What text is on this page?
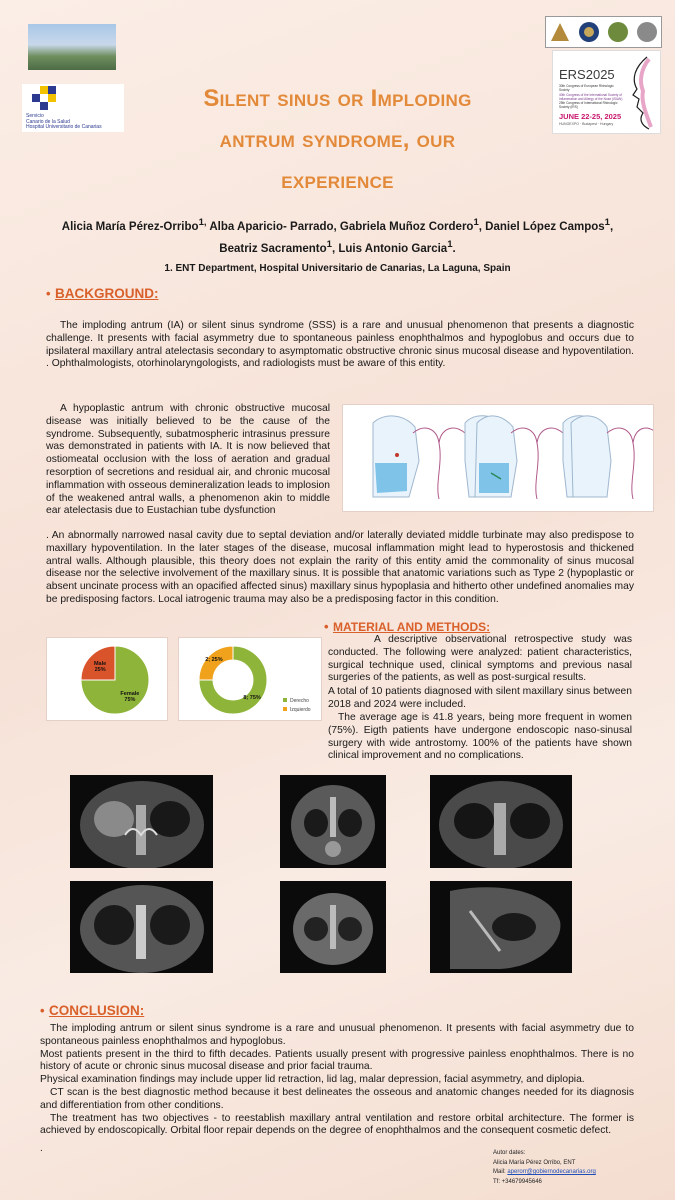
Servicio
Canario de la Salud
Hospital Universitario de Canarias
ERS2025
30th Congress of European Rhinologic Society
40th Congress of the International Society of Inflammation and Allergy of the Nose (ISIAN)
25th Congress of International Rhinologic Society (IRS)
JUNE 22-25, 2025
HUNGEXPO · Budapest · Hungary
Silent sinus or Imploding
antrum syndrome, our
experience
Alicia María Pérez-Orribo$^{1,}$ Alba Aparicio- Parrado, Gabriela Muñoz Cordero$^1$, Daniel López Campos$^1$, Beatriz Sacramento$^1$, Luis Antonio Garcia$^1$.
1. ENT Department, Hospital Universitario de Canarias, La Laguna, Spain
• BACKGROUND:
The imploding antrum (IA) or silent sinus syndrome (SSS) is a rare and unusual phenomenon that presents a diagnostic challenge. It presents with facial asymmetry due to spontaneous painless enophthalmos and hypoglobus and occurs due to ipsilateral maxillary antral atelectasis secondary to asymptomatic obstructive chronic sinus mucosal disease and hypoventilation. . Ophthalmologists, otorhinolaryngologists, and radiologists must be aware of this entity.
A hypoplastic antrum with chronic obstructive mucosal disease was initially believed to be the cause of the syndrome. Subsequently, subatmospheric intrasinus pressure was demonstrated in patients with IA. It is now believed that ostiomeatal occlusion with the loss of aeration and gradual resorption of secretions and residual air, and chronic mucosal inflammation with osseous demineralization leads to implosion of the weakened antral walls, a phenomenon akin to middle ear atelectasis due to Eustachian tube dysfunction
. An abnormally narrowed nasal cavity due to septal deviation and/or laterally deviated middle turbinate may also predispose to maxillary hypoventilation. In the later stages of the disease, mucosal inflammation might lead to hyperostosis and thickened antral walls. Although plausible, this theory does not explain the rarity of this entity amid the commonality of sinus mucosal disease nor the selective involvement of the maxillary sinus. It is possible that anatomic variations such as Type 2 (hypoplastic or absent uncinate process with an opacified affected sinus) maxillary sinus hypoplasia and hitherto other undefined anomalies may be predisposing factors. Local iatrogenic trauma may also be a predisposing factor in this condition.
Male 25%
Female 75%	8; 75%
2; 25%
Derecho
Izquierdo
• MATERIAL AND METHODS:
A descriptive observational retrospective study was conducted. The following were analyzed: patient characteristics, surgical technique used, clinical symptoms and previous nasal surgeries of the patients, as well as post-surgical results.
A total of 10 patients diagnosed with silent maxillary sinus between 2018 and 2024 were included.
The average age is 41.8 years, being more frequent in women (75%). Eigth patients have undergone endoscopic naso-sinusal surgery with wide antrostomy. 100% of the patients have shown clinical improvement and no complications.
• CONCLUSION:
The imploding antrum or silent sinus syndrome is a rare and unusual phenomenon. It presents with facial asymmetry due to spontaneous painless enophthalmos and hypoglobus.
Most patients present in the third to fifth decades. Patients usually present with progressive painless enophthalmos. There is no history of acute or chronic sinus mucosal disease and prior facial trauma.
Physical examination findings may include upper lid retraction, lid lag, malar depression, facial asymmetry, and diplopia.
CT scan is the best diagnostic method because it best delineates the osseous and anatomic changes needed for its diagnosis and differentiation from other conditions.
The treatment has two objectives - to reestablish maxillary antral ventilation and restore orbital architecture. The former is achieved by endoscopically. Orbital floor repair depends on the degree of enophthalmos and the consequent cosmetic defect.
.	Autor dates:
Alicia María Pérez Orribo, ENT
Mail: aperorr@gobiernodecanarias.org
Tf: +34679945646
